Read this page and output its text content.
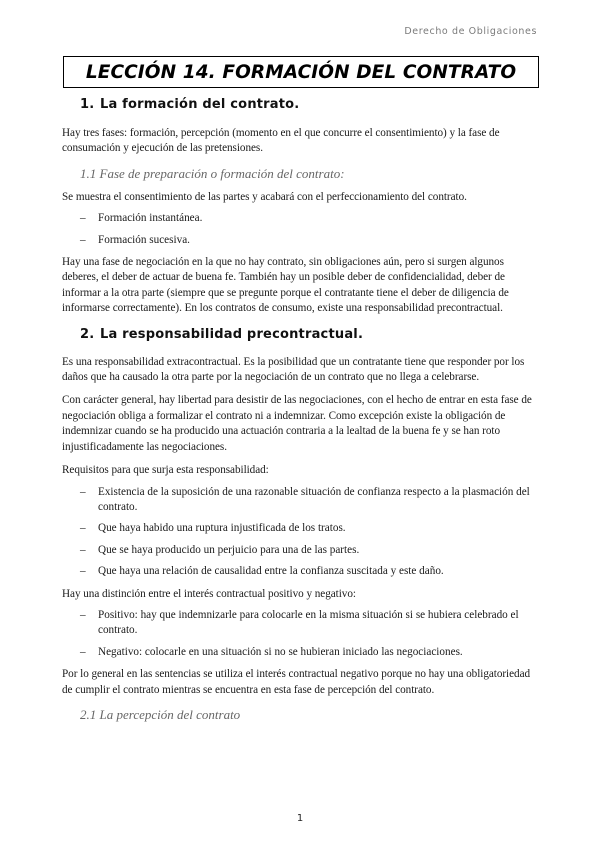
Derecho de Obligaciones
LECCIÓN 14. FORMACIÓN DEL CONTRATO
1. La formación del contrato.

Hay tres fases: formación, percepción (momento en el que concurre el consentimiento) y la fase de consumación y ejecución de las pretensiones.

1.1 Fase de preparación o formación del contrato:

Se muestra el consentimiento de las partes y acabará con el perfeccionamiento del contrato.

– Formación instantánea.
– Formación sucesiva.

Hay una fase de negociación en la que no hay contrato, sin obligaciones aún, pero si surgen algunos deberes, el deber de actuar de buena fe. También hay un posible deber de confidencialidad, deber de informar a la otra parte (siempre que se pregunte porque el contratante tiene el deber de diligencia de informarse correctamente). En los contratos de consumo, existe una responsabilidad precontractual.

2. La responsabilidad precontractual.

Es una responsabilidad extracontractual. Es la posibilidad que un contratante tiene que responder por los daños que ha causado la otra parte por la negociación de un contrato que no llega a celebrarse.

Con carácter general, hay libertad para desistir de las negociaciones, con el hecho de entrar en esta fase de negociación obliga a formalizar el contrato ni a indemnizar. Como excepción existe la obligación de indemnizar cuando se ha producido una actuación contraria a la lealtad de la buena fe y se han roto injustificadamente las negociaciones.

Requisitos para que surja esta responsabilidad:

– Existencia de la suposición de una razonable situación de confianza respecto a la plasmación del contrato.
– Que haya habido una ruptura injustificada de los tratos.
– Que se haya producido un perjuicio para una de las partes.
– Que haya una relación de causalidad entre la confianza suscitada y este daño.

Hay una distinción entre el interés contractual positivo y negativo:

– Positivo: hay que indemnizarle para colocarle en la misma situación si se hubiera celebrado el contrato.
– Negativo: colocarle en una situación si no se hubieran iniciado las negociaciones.

Por lo general en las sentencias se utiliza el interés contractual negativo porque no hay una obligatoriedad de cumplir el contrato mientras se encuentra en esta fase de percepción del contrato.

2.1 La percepción del contrato
1
